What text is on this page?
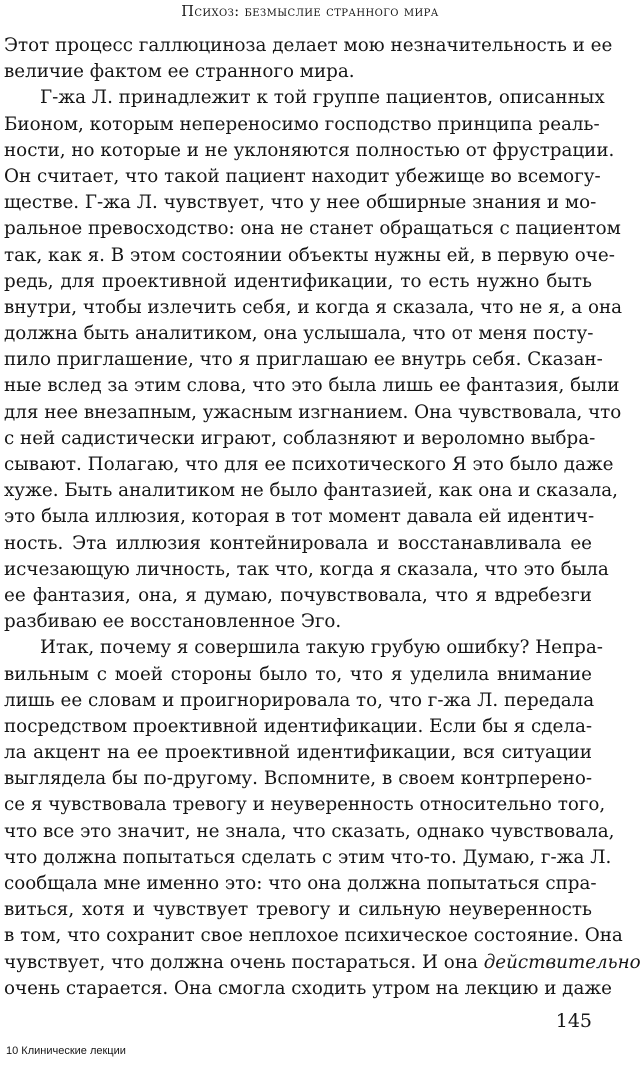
Психоз: безмыслие странного мира
Этот процесс галлюциноза делает мою незначительность и ее
величие фактом ее странного мира.
Г-жа Л. принадлежит к той группе пациентов, описанных
Бионом, которым непереносимо господство принципа реаль-
ности, но которые и не уклоняются полностью от фрустрации.
Он считает, что такой пациент находит убежище во всемогу-
ществе. Г-жа Л. чувствует, что у нее обширные знания и мо-
ральное превосходство: она не станет обращаться с пациентом
так, как я. В этом состоянии объекты нужны ей, в первую оче-
редь, для проективной идентификации, то есть нужно быть
внутри, чтобы излечить себя, и когда я сказала, что не я, а она
должна быть аналитиком, она услышала, что от меня посту-
пило приглашение, что я приглашаю ее внутрь себя. Сказан-
ные вслед за этим слова, что это была лишь ее фантазия, были
для нее внезапным, ужасным изгнанием. Она чувствовала, что
с ней садистически играют, соблазняют и вероломно выбра-
сывают. Полагаю, что для ее психотического Я это было даже
хуже. Быть аналитиком не было фантазией, как она и сказала,
это была иллюзия, которая в тот момент давала ей идентич-
ность. Эта иллюзия контейнировала и восстанавливала ее
исчезающую личность, так что, когда я сказала, что это была
ее фантазия, она, я думаю, почувствовала, что я вдребезги
разбиваю ее восстановленное Эго.
Итак, почему я совершила такую грубую ошибку? Непра-
вильным с моей стороны было то, что я уделила внимание
лишь ее словам и проигнорировала то, что г-жа Л. передала
посредством проективной идентификации. Если бы я сдела-
ла акцент на ее проективной идентификации, вся ситуации
выглядела бы по-другому. Вспомните, в своем контрперено-
се я чувствовала тревогу и неуверенность относительно того,
что все это значит, не знала, что сказать, однако чувствовала,
что должна попытаться сделать с этим что-то. Думаю, г-жа Л.
сообщала мне именно это: что она должна попытаться спра-
виться, хотя и чувствует тревогу и сильную неуверенность
в том, что сохранит свое неплохое психическое состояние. Она
чувствует, что должна очень постараться. И она действительно
очень старается. Она смогла сходить утром на лекцию и даже
145
10 Клинические лекции
